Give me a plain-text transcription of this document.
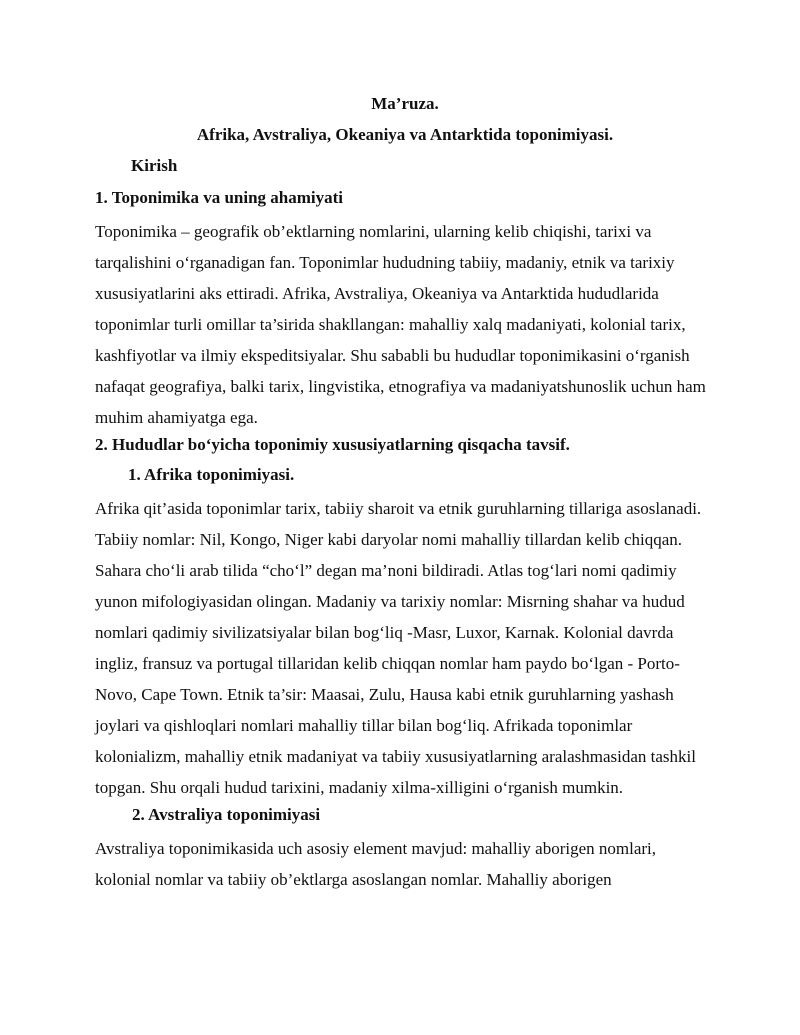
Ma’ruza.
Afrika, Avstraliya, Okeaniya va Antarktida toponimiyasi.
Kirish
1. Toponimika va uning ahamiyati

Toponimika – geografik ob’ektlarning nomlarini, ularning kelib chiqishi, tarixi va tarqalishini o‘rganadigan fan. Toponimlar hududning tabiiy, madaniy, etnik va tarixiy xususiyatlarini aks ettiradi. Afrika, Avstraliya, Okeaniya va Antarktida hududlarida toponimlar turli omillar ta’sirida shakllangan: mahalliy xalq madaniyati, kolonial tarix, kashfiyotlar va ilmiy ekspeditsiyalar. Shu sababli bu hududlar toponimikasini o‘rganish nafaqat geografiya, balki tarix, lingvistika, etnografiya va madaniyatshunoslik uchun ham muhim ahamiyatga ega.

2. Hududlar bo‘yicha toponimiy xususiyatlarning qisqacha tavsif.
1. Afrika toponimiyasi.

Afrika qit’asida toponimlar tarix, tabiiy sharoit va etnik guruhlarning tillariga asoslanadi. Tabiiy nomlar: Nil, Kongo, Niger kabi daryolar nomi mahalliy tillardan kelib chiqqan. Sahara cho‘li arab tilida “cho‘l” degan ma’noni bildiradi. Atlas tog‘lari nomi qadimiy yunon mifologiyasidan olingan. Madaniy va tarixiy nomlar: Misrning shahar va hudud nomlari qadimiy sivilizatsiyalar bilan bog‘liq -Masr, Luxor, Karnak. Kolonial davrda ingliz, fransuz va portugal tillaridan kelib chiqqan nomlar ham paydo bo‘lgan - Porto-Novo, Cape Town. Etnik ta’sir: Maasai, Zulu, Hausa kabi etnik guruhlarning yashash joylari va qishloqlari nomlari mahalliy tillar bilan bog‘liq. Afrikada toponimlar kolonializm, mahalliy etnik madaniyat va tabiiy xususiyatlarning aralashmasidan tashkil topgan. Shu orqali hudud tarixini, madaniy xilma-xilligini o‘rganish mumkin.

2. Avstraliya toponimiyasi

Avstraliya toponimikasida uch asosiy element mavjud: mahalliy aborigen nomlari, kolonial nomlar va tabiiy ob’ektlarga asoslangan nomlar. Mahalliy aborigen
